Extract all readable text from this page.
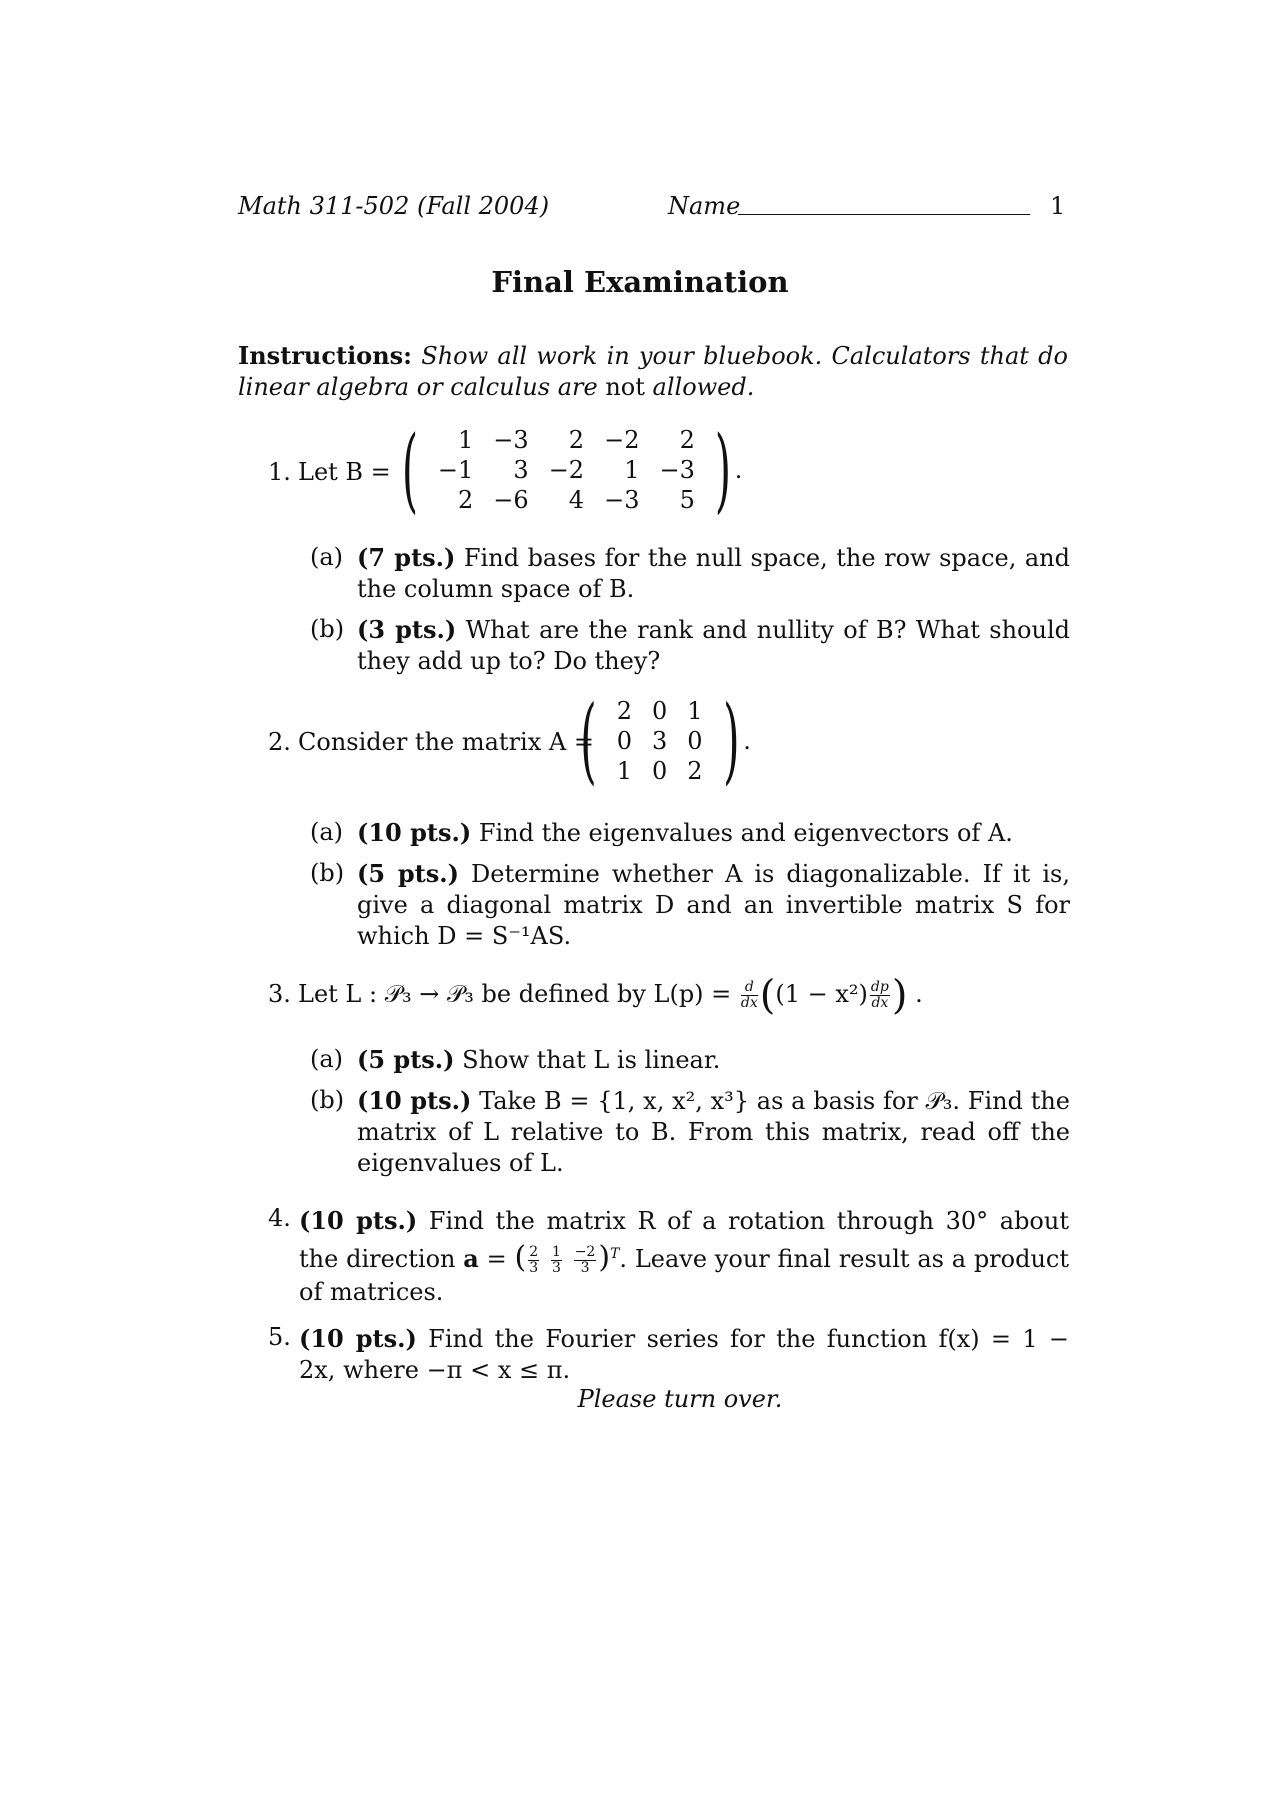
Math 311-502 (Fall 2004)	Name	1
Final Examination
Instructions: Show all work in your bluebook. Calculators that do linear algebra or calculus are not allowed.
1. Let B = ( 1	−3	2	−2	2
−1	3	−2	1	−3
2	−6	4	−3	5 ) .
(a) (7 pts.) Find bases for the null space, the row space, and the column space of B.
(b) (3 pts.) What are the rank and nullity of B? What should they add up to? Do they?
2. Consider the matrix A =
( 2	0	1
0	3	0
1	0	2 ) .
(a) (10 pts.) Find the eigenvalues and eigenvectors of A.
(b) (5 pts.) Determine whether A is diagonalizable. If it is, give a diagonal matrix D and an invertible matrix S for which D = S⁻¹AS.
3. Let L : 𝒫₃ → 𝒫₃ be defined by $L(p) = \frac{d}{dx} ((1 - x^2) \frac{dp}{dx}$ ) .
(a) (5 pts.) Show that L is linear.
(b) (10 pts.) Take B = {1, x, x², x³} as a basis for 𝒫₃. Find the matrix of L relative to B. From this matrix, read off the eigenvalues of L.
4. (10 pts.) Find the matrix R of a rotation through 30° about the direction a = ( $\frac{2}{3}$
$\frac{1}{3}$
$\frac{-2}{3} )^T$. Leave your final result as a product of matrices.
5. (10 pts.) Find the Fourier series for the function f(x) = 1 − 2x, where −π < x ≤ π.
Please turn over.
